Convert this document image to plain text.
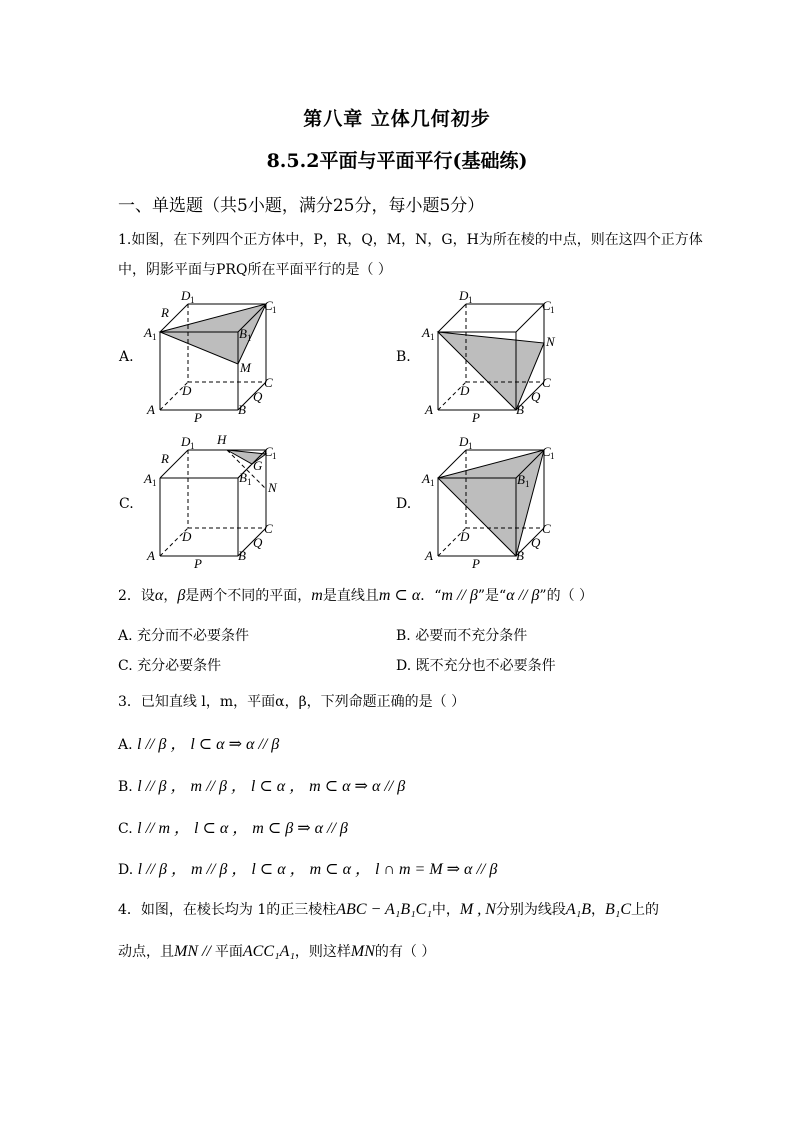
第八章 立体几何初步
8.5.2平面与平面平行(基础练)
一、单选题（共5小题，满分25分，每小题5分）
1.如图，在下列四个正方体中，P，R，Q，M，N，G，H为所在棱的中点，则在这四个正方体
中，阴影平面与PRQ所在平面平行的是（ ）
A.	B.
C.	D.
A 1
D 1	C 1
B 1
R
M
C
D	Q
A	B
P
A 1
D 1	C 1
N
C
D	Q
A	B
P
A 1
D 1 H
C 1
G
B 1 N
R
C
D	Q
A	B
P
A 1
D 1	C 1
B 1
C
D	Q
A	B
P
2．设α，β是两个不同的平面，m是直线且m ⊂ α．“m // β”是“α // β”的（ ）
A. 充分而不必要条件	B. 必要而不充分条件
C. 充分必要条件	D. 既不充分也不必要条件
3．已知直线 l，m，平面α，β，下列命题正确的是（ ）
A. l // β ， l ⊂ α ⇒ α // β
B. l // β ， m // β ， l ⊂ α ， m ⊂ α ⇒ α // β
C. l // m ， l ⊂ α ， m ⊂ β ⇒ α // β
D. l // β ， m // β ， l ⊂ α ， m ⊂ α ， l ∩ m = M ⇒ α // β
4．如图，在棱长均为 1的正三棱柱ABC − A₁B₁C₁中，M , N分别为线段A₁B，B₁C上的
动点，且MN // 平面ACC₁A₁，则这样MN的有（ ）
